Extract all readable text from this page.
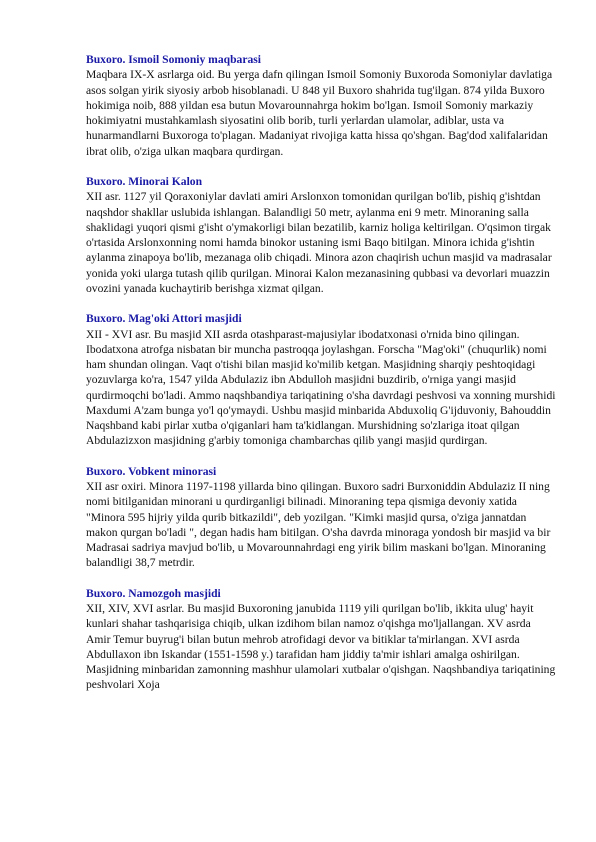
Buxoro. Ismoil Somoniy maqbarasi

Maqbara IX-X asrlarga oid. Bu yerga dafn qilingan Ismoil Somoniy Buxoroda Somoniylar davlatiga asos solgan yirik siyosiy arbob hisoblanadi. U 848 yil Buxoro shahrida tug'ilgan. 874 yilda Buxoro hokimiga noib, 888 yildan esa butun Movarounnahrga hokim bo'lgan. Ismoil Somoniy markaziy hokimiyatni mustahkamlash siyosatini olib borib, turli yerlardan ulamolar, adiblar, usta va hunarmandlarni Buxoroga to'plagan. Madaniyat rivojiga katta hissa qo'shgan. Bag'dod xalifalaridan ibrat olib, o'ziga ulkan maqbara qurdirgan.

Buxoro. Minorai Kalon

XII asr. 1127 yil Qoraxoniylar davlati amiri Arslonxon tomonidan qurilgan bo'lib, pishiq g'ishtdan naqshdor shakllar uslubida ishlangan. Balandligi 50 metr, aylanma eni 9 metr. Minoraning salla shaklidagi yuqori qismi g'isht o'ymakorligi bilan bezatilib, karniz holiga keltirilgan. O'qsimon tirgak o'rtasida Arslonxonning nomi hamda binokor ustaning ismi Baqo bitilgan. Minora ichida g'ishtin aylanma zinapoya bo'lib, mezanaga olib chiqadi. Minora azon chaqirish uchun masjid va madrasalar yonida yoki ularga tutash qilib qurilgan. Minorai Kalon mezanasining qubbasi va devorlari muazzin ovozini yanada kuchaytirib berishga xizmat qilgan.

Buxoro. Mag'oki Attori masjidi

XII - XVI asr. Bu masjid XII asrda otashparast-majusiylar ibodatxonasi o'rnida bino qilingan. Ibodatxona atrofga nisbatan bir muncha pastroqqa joylashgan. Forscha "Mag'oki" (chuqurlik) nomi ham shundan olingan. Vaqt o'tishi bilan masjid ko'milib ketgan. Masjidning sharqiy peshtoqidagi yozuvlarga ko'ra, 1547 yilda Abdulaziz ibn Abdulloh masjidni buzdirib, o'rniga yangi masjid qurdirmoqchi bo'ladi. Ammo naqshbandiya tariqatining o'sha davrdagi peshvosi va xonning murshidi Maxdumi A'zam bunga yo'l qo'ymaydi. Ushbu masjid minbarida Abduxoliq G'ijduvoniy, Bahouddin Naqshband kabi pirlar xutba o'qiganlari ham ta'kidlangan. Murshidning so'zlariga itoat qilgan Abdulazizxon masjidning g'arbiy tomoniga chambarchas qilib yangi masjid qurdirgan.

Buxoro. Vobkent minorasi

XII asr oxiri. Minora 1197-1198 yillarda bino qilingan. Buxoro sadri Burxoniddin Abdulaziz II ning nomi bitilganidan minorani u qurdirganligi bilinadi. Minoraning tepa qismiga devoniy xatida "Minora 595 hijriy yilda qurib bitkazildi", deb yozilgan. "Kimki masjid qursa, o'ziga jannatdan makon qurgan bo'ladi ", degan hadis ham bitilgan. O'sha davrda minoraga yondosh bir masjid va bir Madrasai sadriya mavjud bo'lib, u Movarounnahrdagi eng yirik bilim maskani bo'lgan. Minoraning balandligi 38,7 metrdir.

Buxoro. Namozgoh masjidi

XII, XIV, XVI asrlar. Bu masjid Buxoroning janubida 1119 yili qurilgan bo'lib, ikkita ulug' hayit kunlari shahar tashqarisiga chiqib, ulkan izdihom bilan namoz o'qishga mo'ljallangan. XV asrda Amir Temur buyrug'i bilan butun mehrob atrofidagi devor va bitiklar ta'mirlangan. XVI asrda Abdullaxon ibn Iskandar (1551-1598 y.) tarafidan ham jiddiy ta'mir ishlari amalga oshirilgan. Masjidning minbaridan zamonning mashhur ulamolari xutbalar o'qishgan. Naqshbandiya tariqatining peshvolari Xoja
